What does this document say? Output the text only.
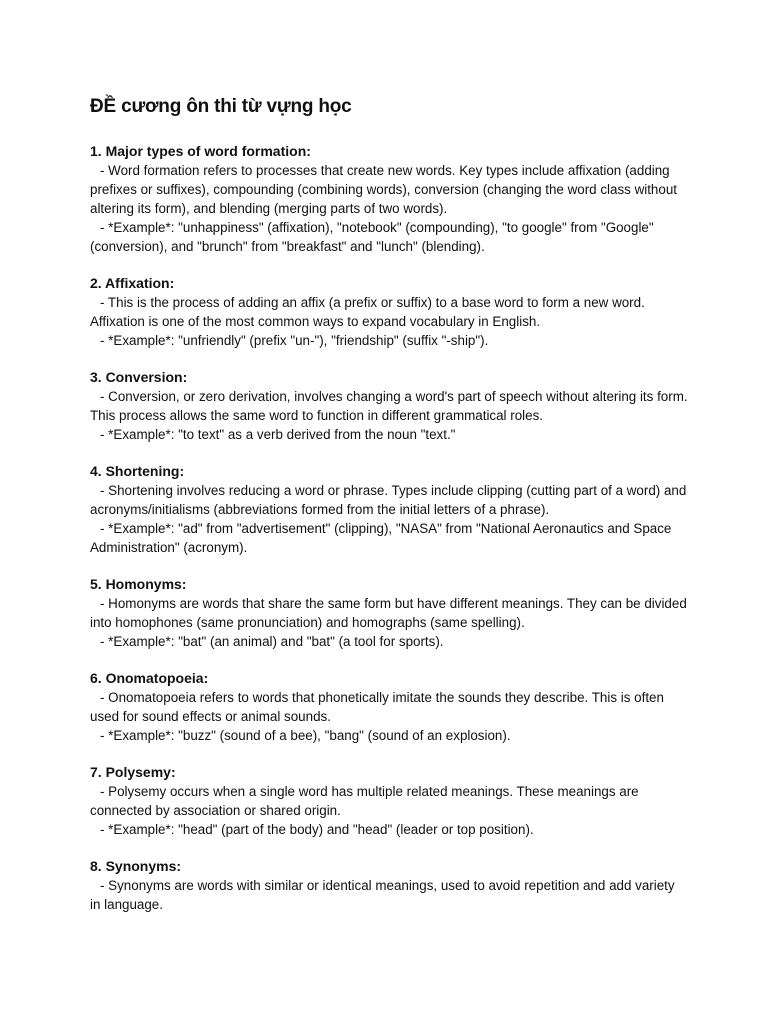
ĐỀ cương ôn thi từ vựng học

1. Major types of word formation:

- Word formation refers to processes that create new words. Key types include affixation (adding prefixes or suffixes), compounding (combining words), conversion (changing the word class without altering its form), and blending (merging parts of two words).

- *Example*: "unhappiness" (affixation), "notebook" (compounding), "to google" from "Google" (conversion), and "brunch" from "breakfast" and "lunch" (blending).

2. Affixation:

- This is the process of adding an affix (a prefix or suffix) to a base word to form a new word. Affixation is one of the most common ways to expand vocabulary in English.

- *Example*: "unfriendly" (prefix "un-"), "friendship" (suffix "-ship").

3. Conversion:

- Conversion, or zero derivation, involves changing a word's part of speech without altering its form. This process allows the same word to function in different grammatical roles.

- *Example*: "to text" as a verb derived from the noun "text."

4. Shortening:

- Shortening involves reducing a word or phrase. Types include clipping (cutting part of a word) and acronyms/initialisms (abbreviations formed from the initial letters of a phrase).

- *Example*: "ad" from "advertisement" (clipping), "NASA" from "National Aeronautics and Space Administration" (acronym).

5. Homonyms:

- Homonyms are words that share the same form but have different meanings. They can be divided into homophones (same pronunciation) and homographs (same spelling).

- *Example*: "bat" (an animal) and "bat" (a tool for sports).

6. Onomatopoeia:

- Onomatopoeia refers to words that phonetically imitate the sounds they describe. This is often used for sound effects or animal sounds.

- *Example*: "buzz" (sound of a bee), "bang" (sound of an explosion).

7. Polysemy:

- Polysemy occurs when a single word has multiple related meanings. These meanings are connected by association or shared origin.

- *Example*: "head" (part of the body) and "head" (leader or top position).

8. Synonyms:

- Synonyms are words with similar or identical meanings, used to avoid repetition and add variety in language.
